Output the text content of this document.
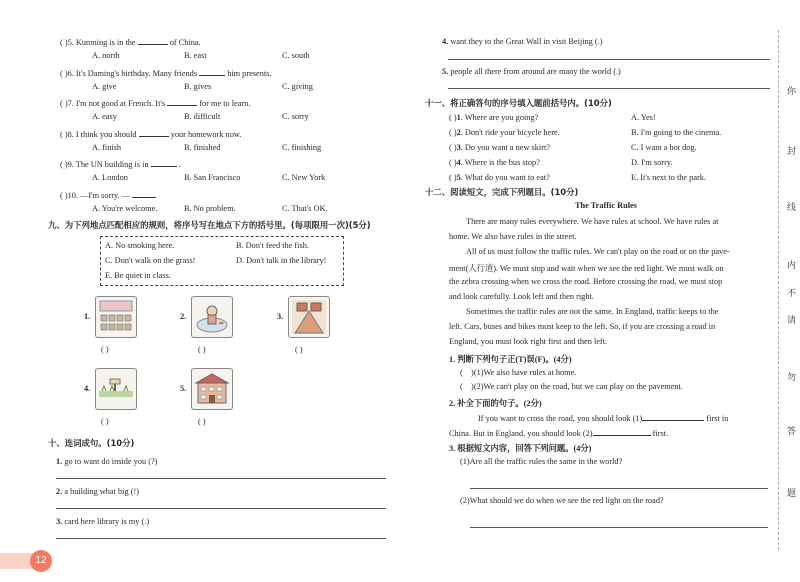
( )5. Kunming is in the	of China.
A. north	B. east	C. south
( )6. It's Daming's birthday. Many friends	him presents.
A. give	B. gives	C. giving
( )7. I'm not good at French. It's	for me to learn.
A. easy	B. difficult	C. sorry
( )8. I think you should	your homework now.
A. finish	B. finished	C. finishing
( )9. The UN building is in	.
A. London	B. San Francisco	C. New York
( )10. —I'm sorry. —
A. You're welcome.	B. No problem.	C. That's OK.
九、为下列地点匹配相应的规则，将序号写在地点下方的括号里。(每项限用一次)(5分)
A. No smoking here.	B. Don't feed the fish.
C. Don't walk on the grass!	D. Don't talk in the library!
E. Be quiet in class.
1.
( )
2.
( )
3.
( )
4.
( )
5.
( )
十、连词成句。(10分)
1. go to want do inside you (?)
2. a building what big (!)
3. card here library is my (.)
12
4. want they to the Great Wall in visit Beijing (.)
5. people all there from around are many the world (.)
十一、将正确答句的序号填入题前括号内。(10分)
( )1. Where are you going?	A. Yes!
( )2. Don't ride your bicycle here.	B. I'm going to the cinema.
( )3. Do you want a new skirt?	C. I want a hot dog.
( )4. Where is the bus stop?	D. I'm sorry.
( )5. What do you want to eat?	E. It's next to the park.
十二、阅读短文，完成下列题目。(10分)
The Traffic Rules
There are many rules everywhere. We have rules at school. We have rules at
home. We also have rules in the street.
All of us must follow the traffic rules. We can't play on the road or on the pave-
ment(人行道). We must stop and wait when we see the red light. We must walk on
the zebra crossing when we cross the road. Before crossing the road, we must stop
and look carefully. Look left and then right.
Sometimes the traffic rules are not the same. In England, traffic keeps to the
left. Cars, buses and bikes must keep to the left. So, if you are crossing a road in
England, you must look right first and then left.
1. 判断下列句子正(T)误(F)。(4分)
(    )(1)We also have rules at home.
(    )(2)We can't play on the road, but we can play on the pavement.
2. 补全下面的句子。(2分)
If you want to cross the road, you should look (1)	first in
China. But in England, you should look (2)	first.
3. 根据短文内容，回答下列问题。(4分)
(1)Are all the traffic rules the same in the world?
(2)What should we do when we see the red light on the road?
你
封
线
内
不
请
勿
答
题
